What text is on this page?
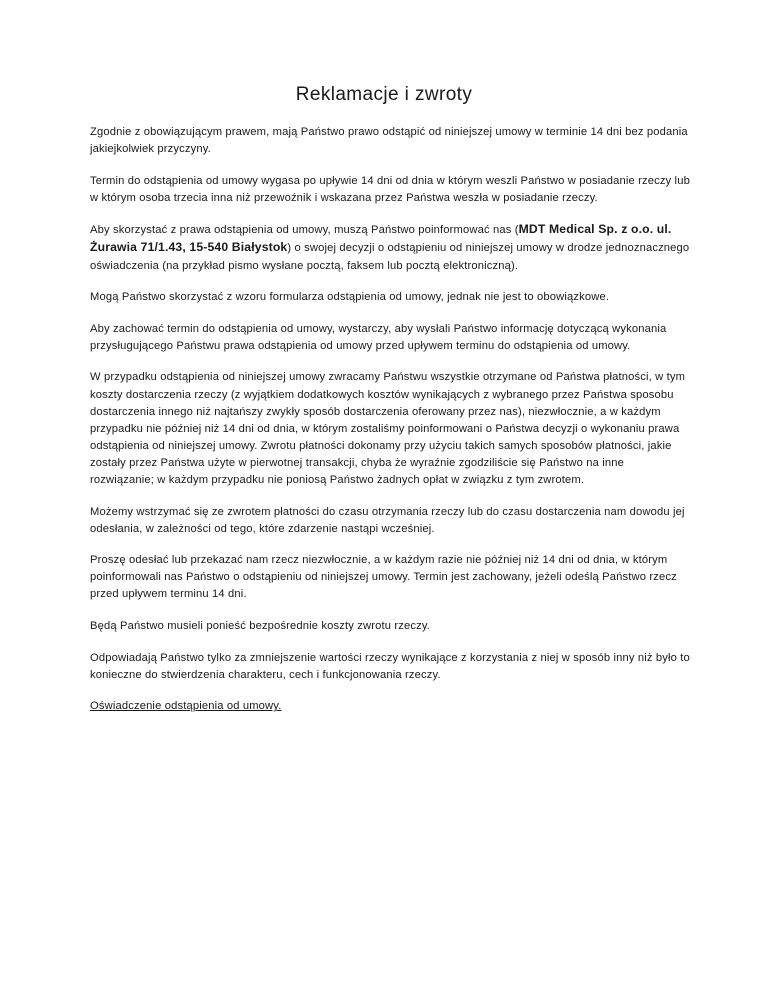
Reklamacje i zwroty

Zgodnie z obowiązującym prawem, mają Państwo prawo odstąpić od niniejszej umowy w terminie 14 dni bez podania jakiejkolwiek przyczyny.

Termin do odstąpienia od umowy wygasa po upływie 14 dni od dnia w którym weszli Państwo w posiadanie rzeczy lub w którym osoba trzecia inna niż przewoźnik i wskazana przez Państwa weszła w posiadanie rzeczy.

Aby skorzystać z prawa odstąpienia od umowy, muszą Państwo poinformować nas (MDT Medical Sp. z o.o. ul. Żurawia 71/1.43, 15-540 Białystok) o swojej decyzji o odstąpieniu od niniejszej umowy w drodze jednoznacznego oświadczenia (na przykład pismo wysłane pocztą, faksem lub pocztą elektroniczną).

Mogą Państwo skorzystać z wzoru formularza odstąpienia od umowy, jednak nie jest to obowiązkowe.

Aby zachować termin do odstąpienia od umowy, wystarczy, aby wysłali Państwo informację dotyczącą wykonania przysługującego Państwu prawa odstąpienia od umowy przed upływem terminu do odstąpienia od umowy.

W przypadku odstąpienia od niniejszej umowy zwracamy Państwu wszystkie otrzymane od Państwa płatności, w tym koszty dostarczenia rzeczy (z wyjątkiem dodatkowych kosztów wynikających z wybranego przez Państwa sposobu dostarczenia innego niż najtańszy zwykły sposób dostarczenia oferowany przez nas), niezwłocznie, a w każdym przypadku nie później niż 14 dni od dnia, w którym zostaliśmy poinformowani o Państwa decyzji o wykonaniu prawa odstąpienia od niniejszej umowy. Zwrotu płatności dokonamy przy użyciu takich samych sposobów płatności, jakie zostały przez Państwa użyte w pierwotnej transakcji, chyba że wyraźnie zgodziliście się Państwo na inne rozwiązanie; w każdym przypadku nie poniosą Państwo żadnych opłat w związku z tym zwrotem.

Możemy wstrzymać się ze zwrotem płatności do czasu otrzymania rzeczy lub do czasu dostarczenia nam dowodu jej odesłania, w zależności od tego, które zdarzenie nastąpi wcześniej.

Proszę odesłać lub przekazać nam rzecz niezwłocznie, a w każdym razie nie później niż 14 dni od dnia, w którym poinformowali nas Państwo o odstąpieniu od niniejszej umowy. Termin jest zachowany, jeżeli odeślą Państwo rzecz przed upływem terminu 14 dni.

Będą Państwo musieli ponieść bezpośrednie koszty zwrotu rzeczy.

Odpowiadają Państwo tylko za zmniejszenie wartości rzeczy wynikające z korzystania z niej w sposób inny niż było to konieczne do stwierdzenia charakteru, cech i funkcjonowania rzeczy.

Oświadczenie odstąpienia od umowy.
